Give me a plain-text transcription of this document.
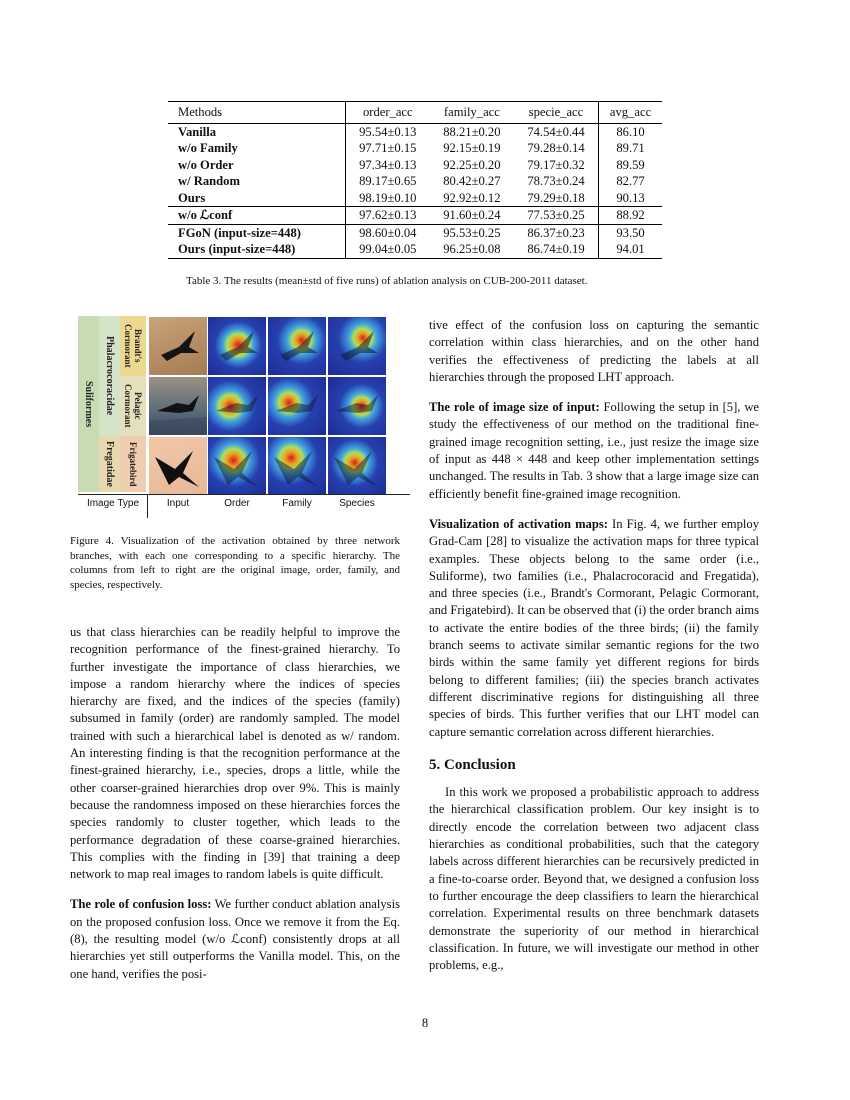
Methods	order_acc	family_acc	specie_acc	avg_acc
Vanilla	95.54±0.13	88.21±0.20	74.54±0.44	86.10
w/o Family	97.71±0.15	92.15±0.19	79.28±0.14	89.71
w/o Order	97.34±0.13	92.25±0.20	79.17±0.32	89.59
w/ Random	89.17±0.65	80.42±0.27	78.73±0.24	82.77
Ours	98.19±0.10	92.92±0.12	79.29±0.18	90.13
w/o ℒconf	97.62±0.13	91.60±0.24	77.53±0.25	88.92
FGoN (input-size=448)	98.60±0.04	95.53±0.25	86.37±0.23	93.50
Ours (input-size=448)	99.04±0.05	96.25±0.08	86.74±0.19	94.01
Table 3. The results (mean±std of five runs) of ablation analysis on CUB-200-2011 dataset.
Suliformes	Phalacrocoracidae
Fregatidae
Brandt's Cormorant
Pelagic Cormorant
Frigatebird
Image Type	Input	Order	Family	Species
Figure 4. Visualization of the activation obtained by three network branches, with each one corresponding to a specific hierarchy. The columns from left to right are the original image, order, family, and species, respectively.

us that class hierarchies can be readily helpful to improve the recognition performance of the finest-grained hierarchy. To further investigate the importance of class hierarchies, we impose a random hierarchy where the indices of species hierarchy are fixed, and the indices of the species (family) subsumed in family (order) are randomly sampled. The model trained with such a hierarchical label is denoted as w/ random. An interesting finding is that the recognition performance at the finest-grained hierarchy, i.e., species, drops a little, while the other coarser-grained hierarchies drop over 9%. This is mainly because the randomness imposed on these hierarchies forces the species randomly to cluster together, which leads to the performance degradation of these coarse-grained hierarchies. This complies with the finding in [39] that training a deep network to map real images to random labels is quite difficult.

The role of confusion loss: We further conduct ablation analysis on the proposed confusion loss. Once we remove it from the Eq. (8), the resulting model (w/o ℒconf) consistently drops at all hierarchies yet still outperforms the Vanilla model. This, on the one hand, verifies the posi-

tive effect of the confusion loss on capturing the semantic correlation within class hierarchies, and on the other hand verifies the effectiveness of predicting the labels at all hierarchies through the proposed LHT approach.

The role of image size of input: Following the setup in [5], we study the effectiveness of our method on the traditional fine-grained image recognition setting, i.e., just resize the image size of input as 448 × 448 and keep other implementation settings unchanged. The results in Tab. 3 show that a large image size can efficiently benefit fine-grained image recognition.

Visualization of activation maps: In Fig. 4, we further employ Grad-Cam [28] to visualize the activation maps for three typical examples. These objects belong to the same order (i.e., Suliforme), two families (i.e., Phalacrocoracid and Fregatida), and three species (i.e., Brandt's Cormorant, Pelagic Cormorant, and Frigatebird). It can be observed that (i) the order branch aims to activate the entire bodies of the three birds; (ii) the family branch seems to activate similar semantic regions for the two birds within the same family yet different regions for birds belong to different families; (iii) the species branch activates different discriminative regions for distinguishing all three species of birds. This further verifies that our LHT model can capture semantic correlation across different hierarchies.

5. Conclusion

In this work we proposed a probabilistic approach to address the hierarchical classification problem. Our key insight is to directly encode the correlation between two adjacent class hierarchies as conditional probabilities, such that the category labels across different hierarchies can be recursively predicted in a fine-to-coarse order. Beyond that, we designed a confusion loss to further encourage the deep classifiers to learn the hierarchical correlation. Experimental results on three benchmark datasets demonstrate the superiority of our method in hierarchical classification. In future, we will investigate our method in other problems, e.g.,

8
